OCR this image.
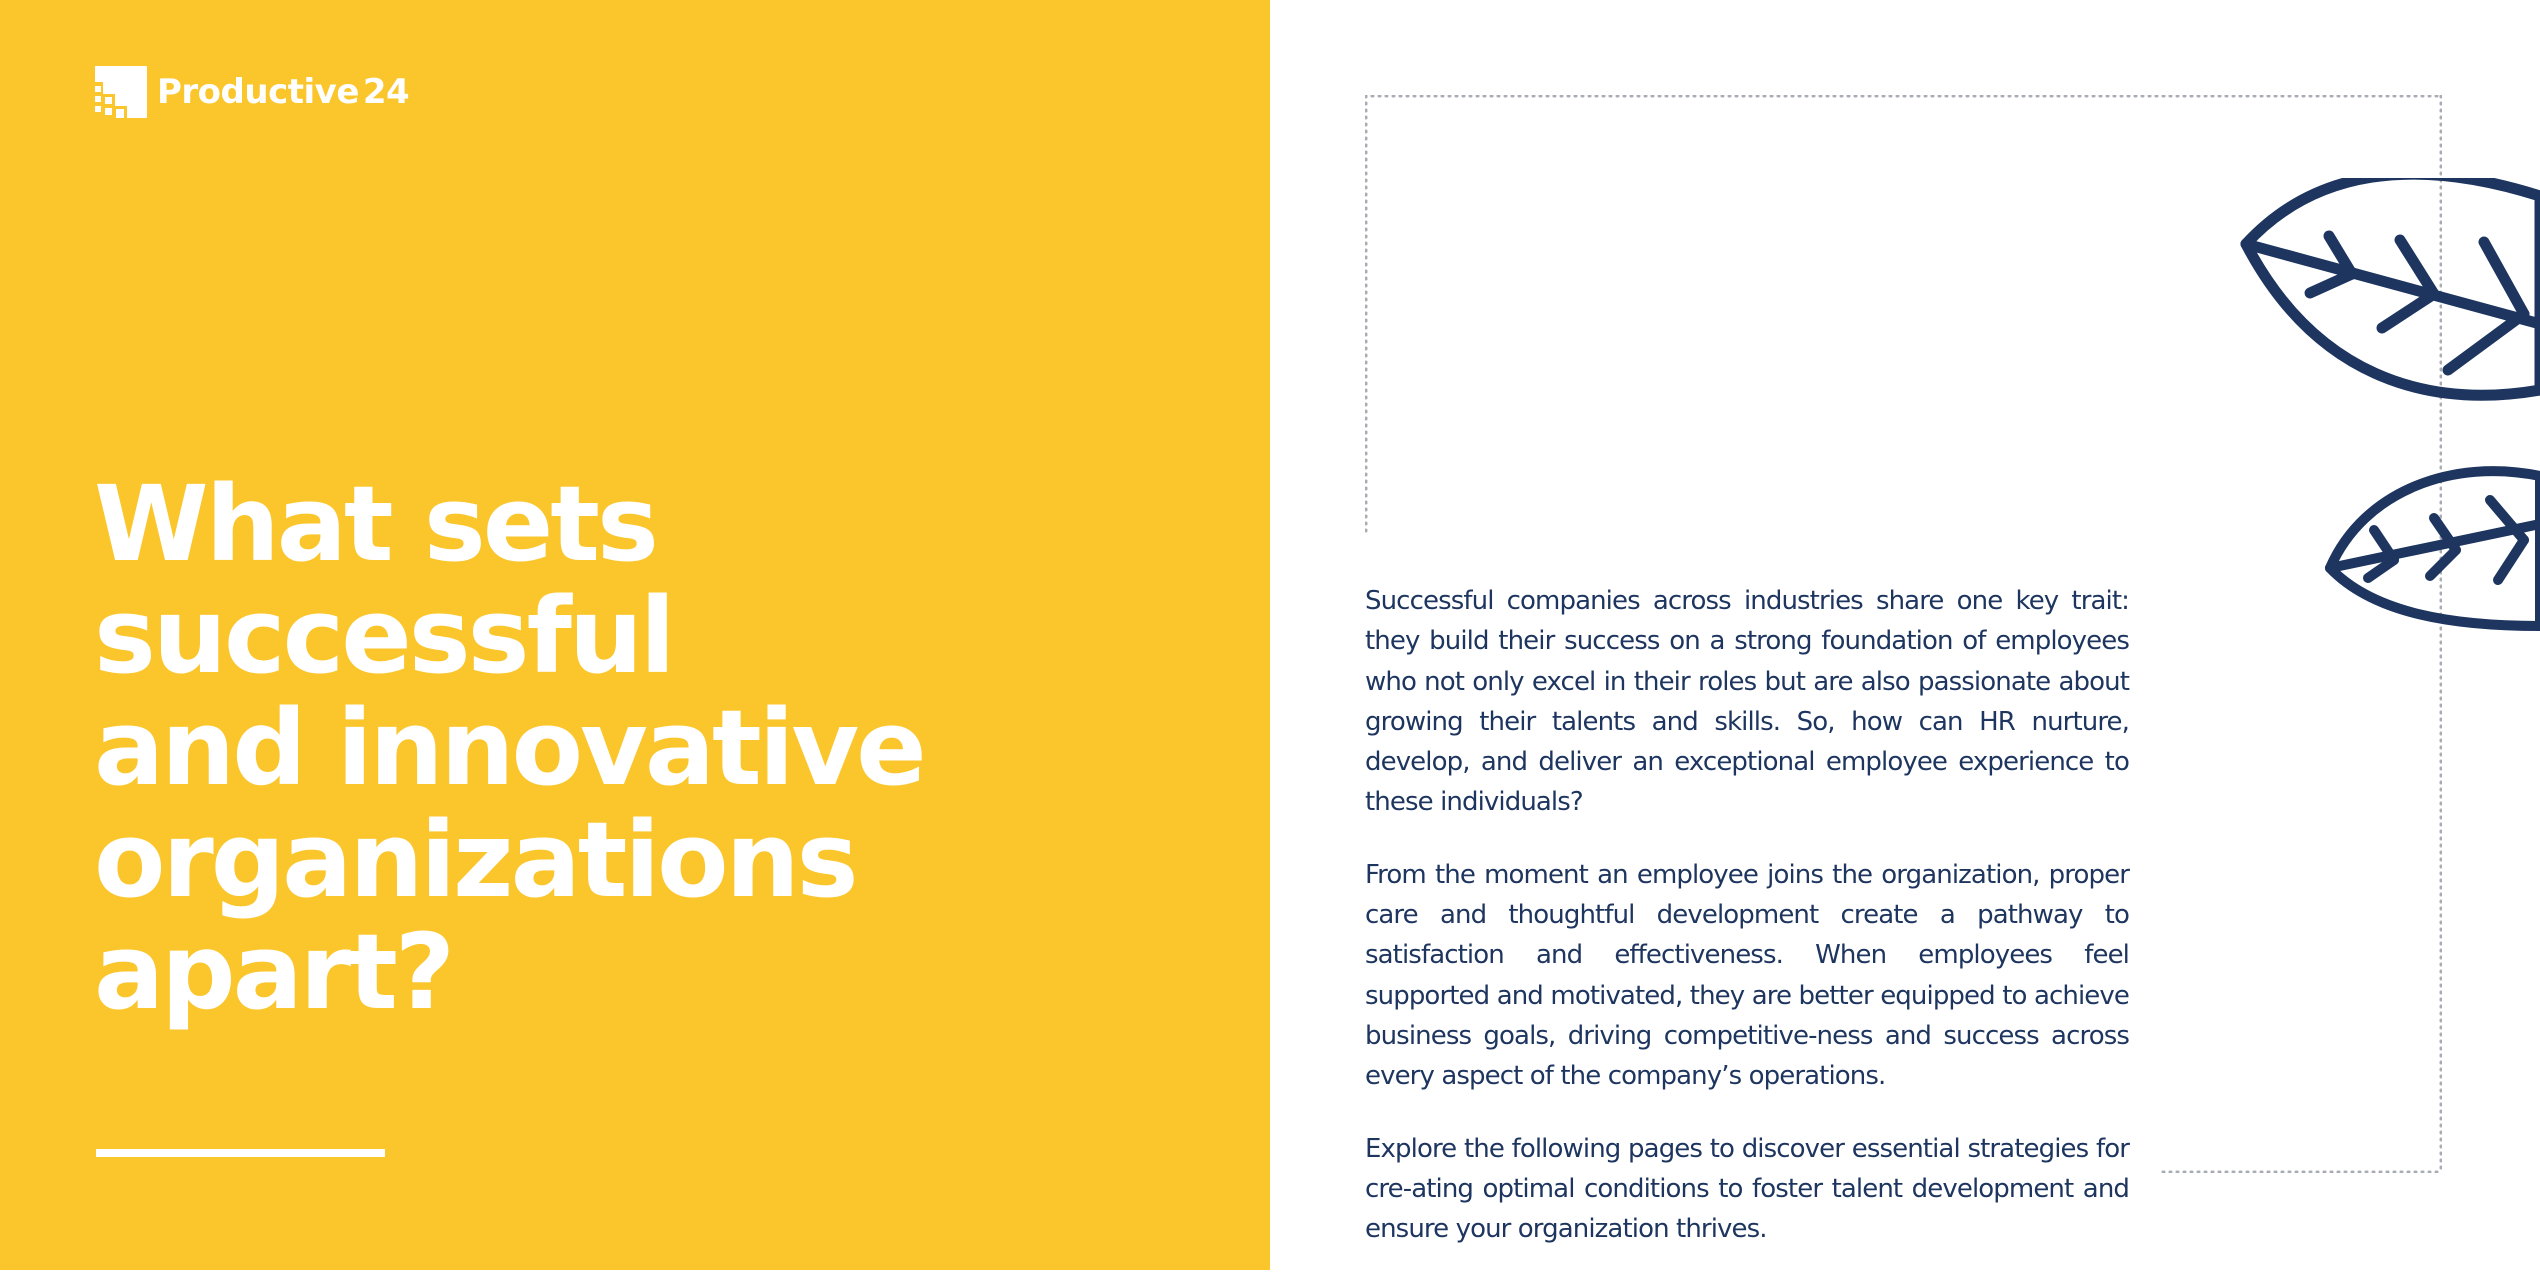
Productive 24
What sets
successful
and innovative
organizations
apart?

Successful companies across industries share one key trait: they build their success on a strong foundation of employees who not only excel in their roles but are also passionate about growing their talents and skills. So, how can HR nurture, develop, and deliver an exceptional employee experience to these individuals?

From the moment an employee joins the organization, proper care and thoughtful development create a pathway to satisfaction and effectiveness. When employees feel supported and motivated, they are better equipped to achieve business goals, driving competitive-ness and success across every aspect of the company’s operations.

Explore the following pages to discover essential strategies for cre-ating optimal conditions to foster talent development and ensure your organization thrives.
